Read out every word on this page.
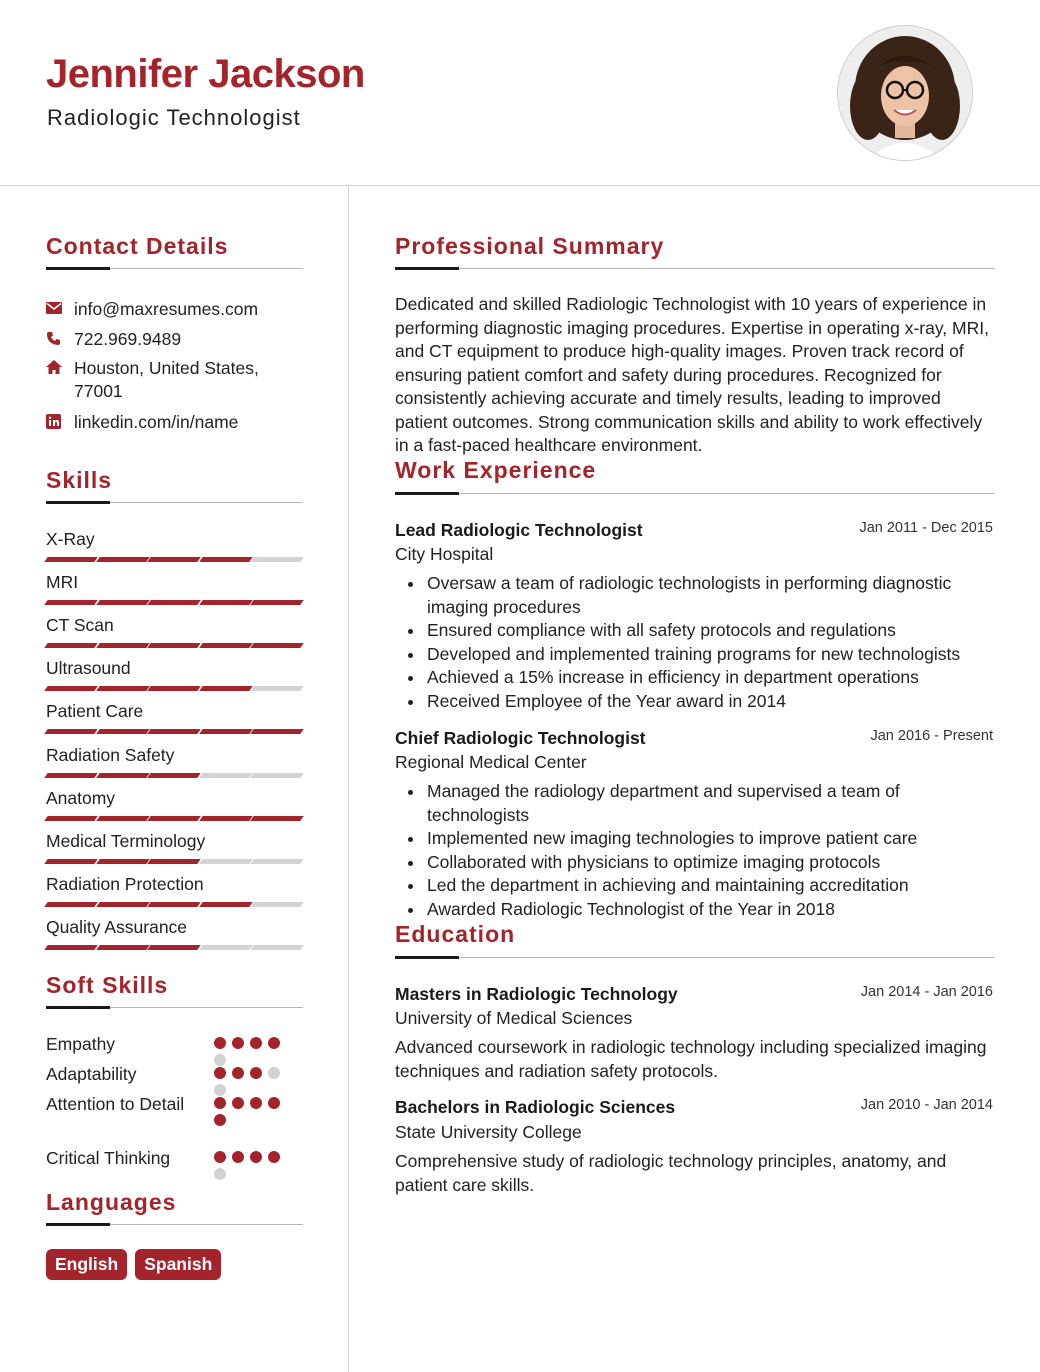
Jennifer Jackson
Radiologic Technologist
Contact Details
info@maxresumes.com
722.969.9489
Houston, United States, 77001
linkedin.com/in/name
Skills
X-Ray
MRI
CT Scan
Ultrasound
Patient Care
Radiation Safety
Anatomy
Medical Terminology
Radiation Protection
Quality Assurance
Soft Skills
Empathy
Adaptability
Attention to Detail
Critical Thinking
Languages
English	Spanish
Professional Summary
Dedicated and skilled Radiologic Technologist with 10 years of experience in performing diagnostic imaging procedures. Expertise in operating x-ray, MRI, and CT equipment to produce high-quality images. Proven track record of ensuring patient comfort and safety during procedures. Recognized for consistently achieving accurate and timely results, leading to improved patient outcomes. Strong communication skills and ability to work effectively in a fast-paced healthcare environment.
Work Experience
Lead Radiologic Technologist	Jan 2011 - Dec 2015
City Hospital
Oversaw a team of radiologic technologists in performing diagnostic imaging procedures
Ensured compliance with all safety protocols and regulations
Developed and implemented training programs for new technologists
Achieved a 15% increase in efficiency in department operations
Received Employee of the Year award in 2014
Chief Radiologic Technologist	Jan 2016 - Present
Regional Medical Center
Managed the radiology department and supervised a team of technologists
Implemented new imaging technologies to improve patient care
Collaborated with physicians to optimize imaging protocols
Led the department in achieving and maintaining accreditation
Awarded Radiologic Technologist of the Year in 2018
Education
Masters in Radiologic Technology	Jan 2014 - Jan 2016
University of Medical Sciences
Advanced coursework in radiologic technology including specialized imaging techniques and radiation safety protocols.
Bachelors in Radiologic Sciences	Jan 2010 - Jan 2014
State University College
Comprehensive study of radiologic technology principles, anatomy, and patient care skills.
